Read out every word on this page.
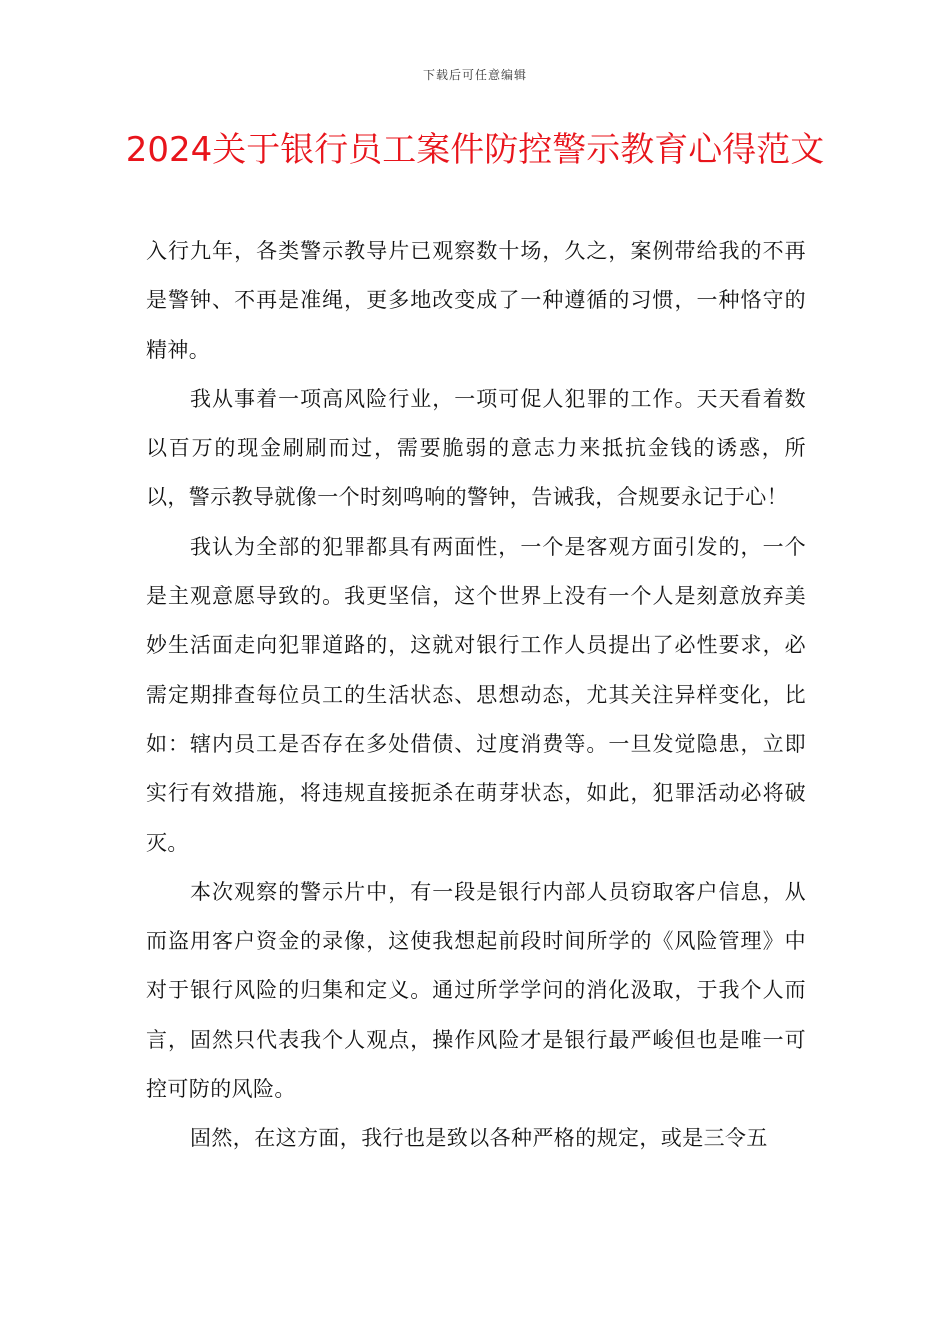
下载后可任意编辑
2024关于银行员工案件防控警示教育心得范文

入行九年，各类警示教导片已观察数十场，久之，案例带给我的不再是警钟、不再是准绳，更多地改变成了一种遵循的习惯，一种恪守的精神。

我从事着一项高风险行业，一项可促人犯罪的工作。天天看着数以百万的现金刷刷而过，需要脆弱的意志力来抵抗金钱的诱惑，所以，警示教导就像一个时刻鸣响的警钟，告诫我，合规要永记于心！

我认为全部的犯罪都具有两面性，一个是客观方面引发的，一个是主观意愿导致的。我更坚信，这个世界上没有一个人是刻意放弃美妙生活面走向犯罪道路的，这就对银行工作人员提出了必性要求，必需定期排查每位员工的生活状态、思想动态，尤其关注异样变化，比如：辖内员工是否存在多处借债、过度消费等。一旦发觉隐患，立即实行有效措施，将违规直接扼杀在萌芽状态，如此，犯罪活动必将破灭。

本次观察的警示片中，有一段是银行内部人员窃取客户信息，从而盗用客户资金的录像，这使我想起前段时间所学的《风险管理》中对于银行风险的归集和定义。通过所学学问的消化汲取，于我个人而言，固然只代表我个人观点，操作风险才是银行最严峻但也是唯一可控可防的风险。

固然，在这方面，我行也是致以各种严格的规定，或是三令五
